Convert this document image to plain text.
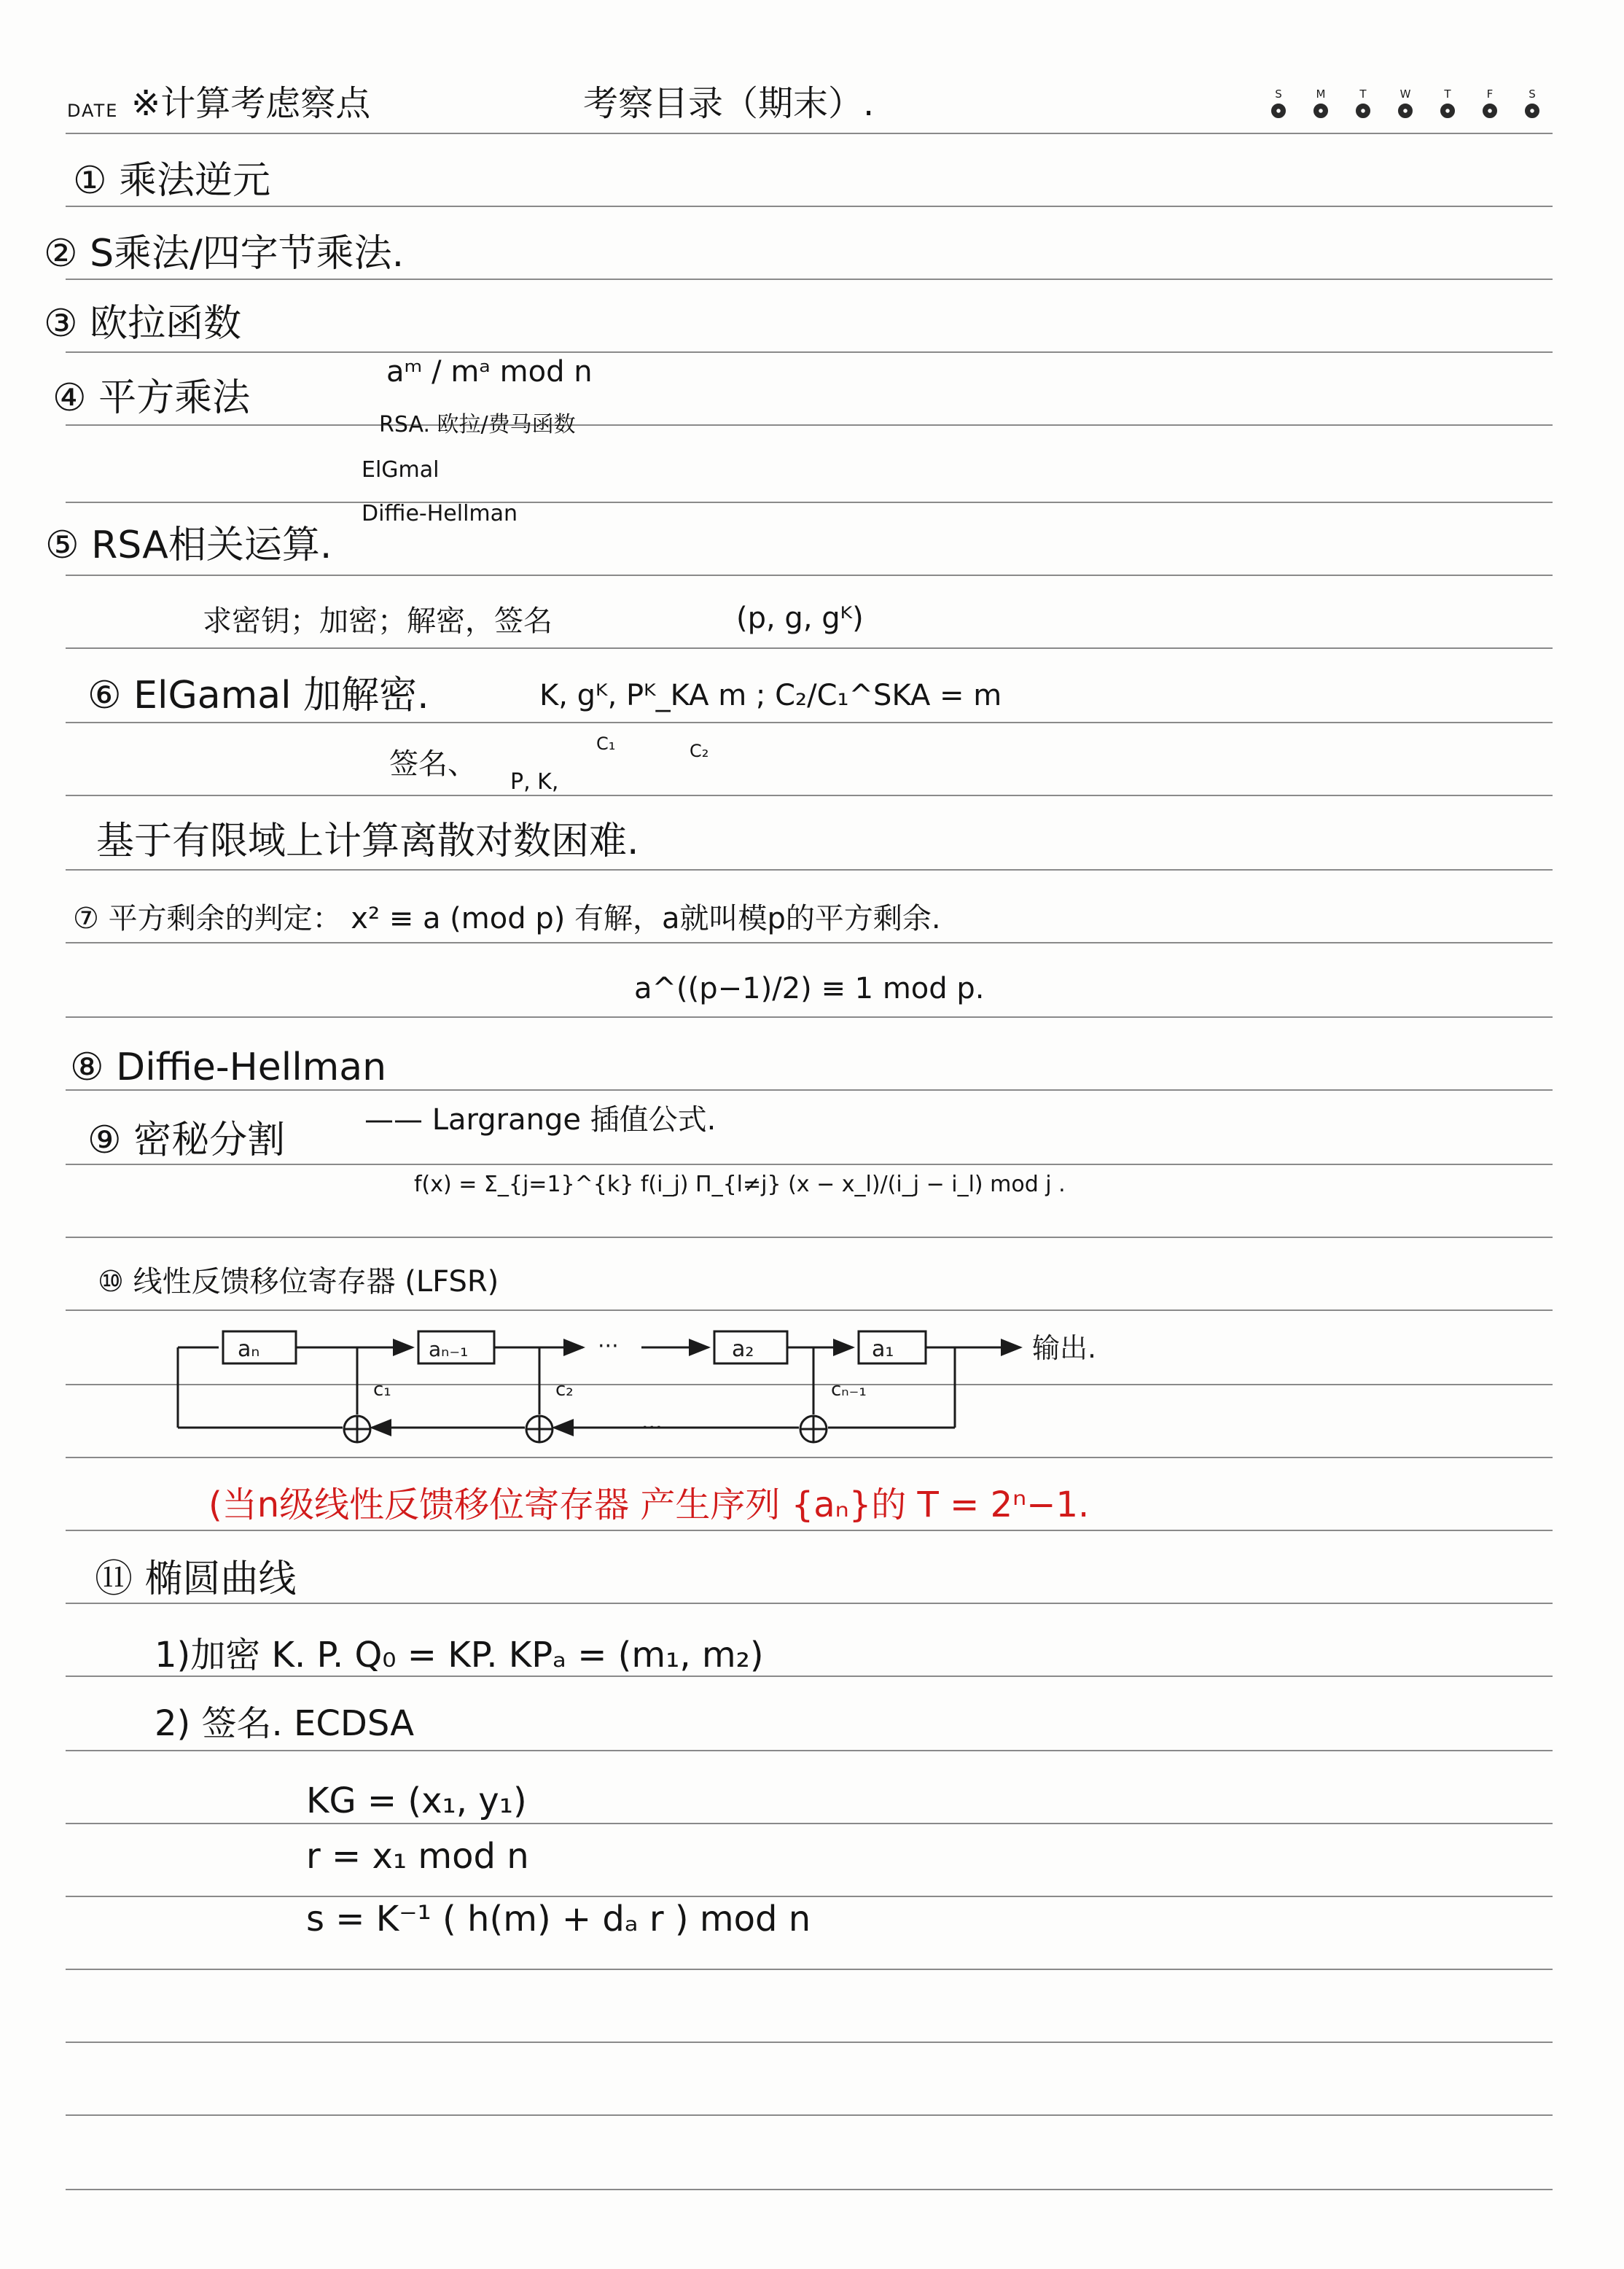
DATE ※计算考虑察点	考察目录（期末）.	S	M	T	W	T	F	S
① 乘法逆元
② S乘法/四字节乘法.
③ 欧拉函数
④ 平方乘法
aᵐ / mᵃ mod n
RSA. 欧拉/费马函数
ElGmal
Diffie-Hellman
⑤ RSA相关运算.
求密钥；加密；解密，签名	(p, g, gᴷ)
⑥ ElGamal 加解密.	K, gᴷ, Pᴷ_KA m ; C₂/C₁^SKA = m
C₁	C₂
签名、
P, K,
基于有限域上计算离散对数困难.
⑦ 平方剩余的判定： x² ≡ a (mod p) 有解，a就叫模p的平方剩余.
a^((p−1)/2) ≡ 1 mod p.
⑧ Diffie-Hellman
⑨ 密秘分割	—— Largrange 插值公式.
f(x) = Σ_{j=1}^{k} f(i_j) Π_{l≠j} (x − x_l)/(i_j − i_l) mod j .
⑩ 线性反馈移位寄存器 (LFSR)
aₙ	aₙ₋₁	a₂	a₁
c₁	c₂	cₙ₋₁
···
···
输出.
(当n级线性反馈移位寄存器 产生序列 {aₙ}的 T = 2ⁿ−1.
⑪ 椭圆曲线
1)加密 K. P. Q₀ = KP. KPₐ = (m₁, m₂)
2) 签名. ECDSA
KG = (x₁, y₁)
r = x₁ mod n
s = K⁻¹ ( h(m) + dₐ r ) mod n
